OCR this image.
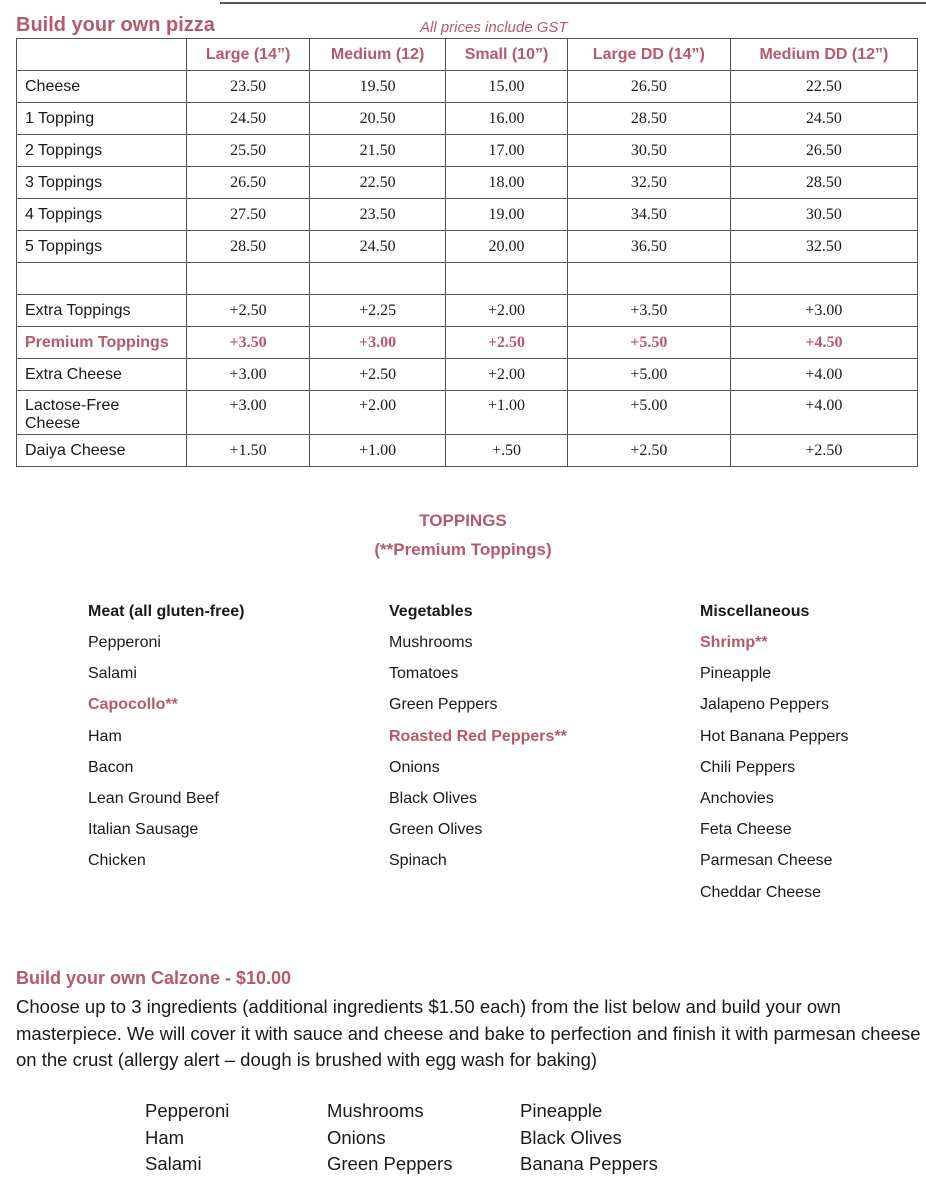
Build your own pizza	All prices include GST
	Large (14”)	Medium (12)	Small (10”)	Large DD (14”)	Medium DD (12”)
Cheese	23.50	19.50	15.00	26.50	22.50
1 Topping	24.50	20.50	16.00	28.50	24.50
2 Toppings	25.50	21.50	17.00	30.50	26.50
3 Toppings	26.50	22.50	18.00	32.50	28.50
4 Toppings	27.50	23.50	19.00	34.50	30.50
5 Toppings	28.50	24.50	20.00	36.50	32.50

Extra Toppings	+2.50	+2.25	+2.00	+3.50	+3.00
Premium Toppings	+3.50	+3.00	+2.50	+5.50	+4.50
Extra Cheese	+3.00	+2.50	+2.00	+5.00	+4.00
Lactose-Free Cheese	+3.00	+2.00	+1.00	+5.00	+4.00
Daiya Cheese	+1.50	+1.00	+.50	+2.50	+2.50
TOPPINGS
(**Premium Toppings)
Meat (all gluten-free)
Pepperoni
Salami
Capocollo**
Ham
Bacon
Lean Ground Beef
Italian Sausage
Chicken
Vegetables
Mushrooms
Tomatoes
Green Peppers
Roasted Red Peppers**
Onions
Black Olives
Green Olives
Spinach
Miscellaneous
Shrimp**
Pineapple
Jalapeno Peppers
Hot Banana Peppers
Chili Peppers
Anchovies
Feta Cheese
Parmesan Cheese
Cheddar Cheese
Build your own Calzone - $10.00
Choose up to 3 ingredients (additional ingredients $1.50 each) from the list below and build your own masterpiece. We will cover it with sauce and cheese and bake to perfection and finish it with parmesan cheese on the crust (allergy alert – dough is brushed with egg wash for baking)
Pepperoni
Ham
Salami
Mushrooms
Onions
Green Peppers
Pineapple
Black Olives
Banana Peppers
